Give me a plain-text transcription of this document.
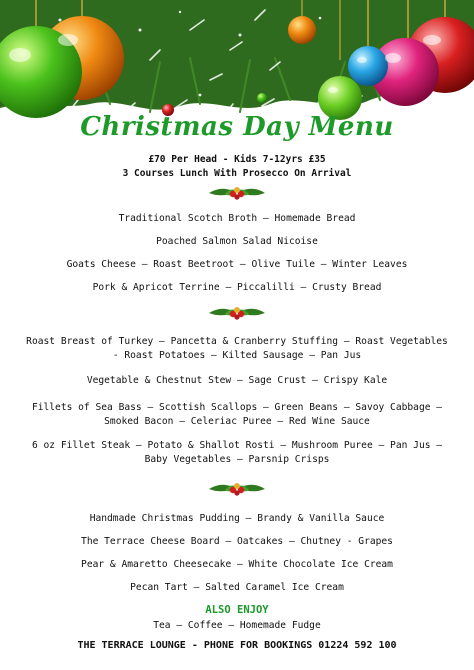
Christmas Day Menu
£70 Per Head - Kids 7-12yrs £35
3 Courses Lunch With Prosecco On Arrival
Traditional Scotch Broth – Homemade Bread
Poached Salmon Salad Nicoise
Goats Cheese – Roast Beetroot – Olive Tuile – Winter Leaves
Pork & Apricot Terrine – Piccalilli – Crusty Bread
Roast Breast of Turkey – Pancetta & Cranberry Stuffing – Roast Vegetables
- Roast Potatoes – Kilted Sausage – Pan Jus
Vegetable & Chestnut Stew – Sage Crust – Crispy Kale
Fillets of Sea Bass – Scottish Scallops – Green Beans – Savoy Cabbage –
Smoked Bacon – Celeriac Puree – Red Wine Sauce
6 oz Fillet Steak – Potato & Shallot Rosti – Mushroom Puree – Pan Jus –
Baby Vegetables – Parsnip Crisps
Handmade Christmas Pudding – Brandy & Vanilla Sauce
The Terrace Cheese Board – Oatcakes – Chutney - Grapes
Pear & Amaretto Cheesecake – White Chocolate Ice Cream
Pecan Tart – Salted Caramel Ice Cream
ALSO ENJOY
Tea – Coffee – Homemade Fudge
THE TERRACE LOUNGE - PHONE FOR BOOKINGS 01224 592 100
